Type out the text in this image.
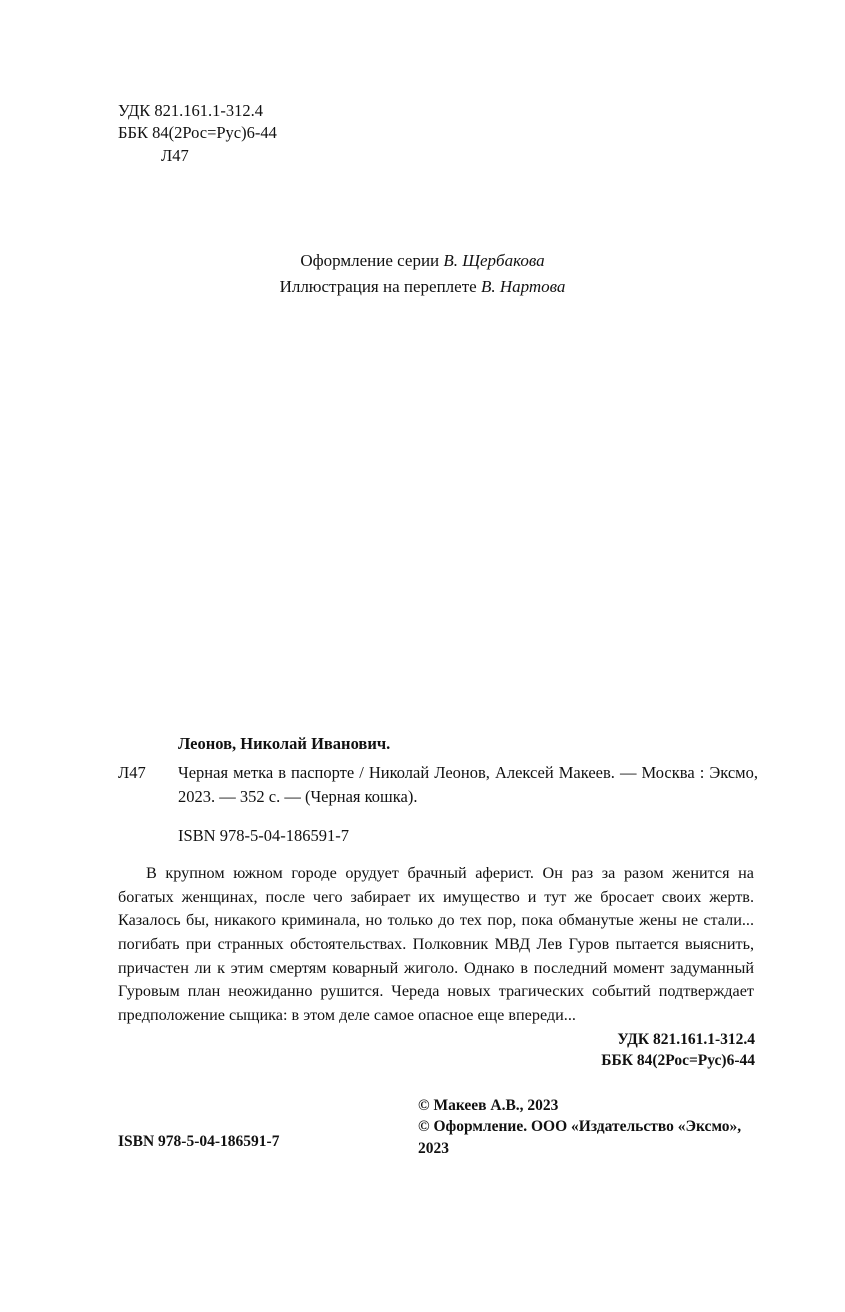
УДК 821.161.1-312.4
ББК 84(2Рос=Рус)6-44
Л47
Оформление серии В. Щербакова
Иллюстрация на переплете В. Нартова
Леонов, Николай Иванович.
Л47	Черная метка в паспорте / Николай Леонов, Алексей Макеев. — Москва : Эксмо, 2023. — 352 с. — (Черная кошка).
ISBN 978-5-04-186591-7

В крупном южном городе орудует брачный аферист. Он раз за разом женится на богатых женщинах, после чего забирает их имущество и тут же бросает своих жертв. Казалось бы, никакого криминала, но только до тех пор, пока обманутые жены не стали... погибать при странных обстоятельствах. Полковник МВД Лев Гуров пытается выяснить, причастен ли к этим смертям коварный жиголо. Однако в последний момент задуманный Гуровым план неожиданно рушится. Череда новых трагических событий подтверждает предположение сыщика: в этом деле самое опасное еще впереди...

УДК 821.161.1-312.4
ББК 84(2Рос=Рус)6-44
© Макеев А.В., 2023
© Оформление. ООО «Издательство «Эксмо», 2023
ISBN 978-5-04-186591-7
